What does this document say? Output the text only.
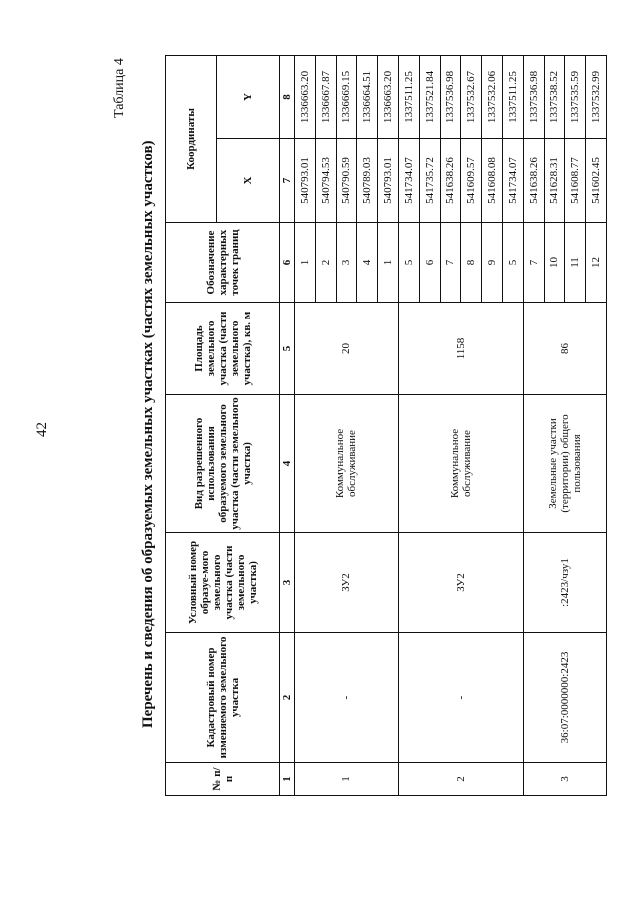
42
Таблица 4
Перечень и сведения об образуемых земельных участках (частях земельных участков)
№ п/п	Кадастровый номер изменяемого земельного участка	Условный номер образуе-мого земельного участка (части земельного участка)	Вид разрешенного использования образуемого земельного участка (части земельного участка)	Площадь земельного участка (части земельного участка), кв. м	Обозначение характерных точек границ	Координаты	
						X	Y
1	2	3	4	5	6	7	8
1	-	ЗУ2	Коммунальное обслуживание	20	1	540793.01	1336663.20
					2	540794.53	1336667.87
					3	540790.59	1336669.15
					4	540789.03	1336664.51
					1	540793.01	1336663.20
2	-	ЗУ2	Коммунальное обслуживание	1158	5	541734.07	1337511.25
					6	541735.72	1337521.84
					7	541638.26	1337536.98
					8	541609.57	1337532.67
					9	541608.08	1337532.06
					5	541734.07	1337511.25
3	36:07:0000000:2423	:2423/чзу1	Земельные участки (территории) общего пользования	86	7	541638.26	1337536.98
					10	541628.31	1337538.52
					11	541608.77	1337535.59
					12	541602.45	1337532.99
